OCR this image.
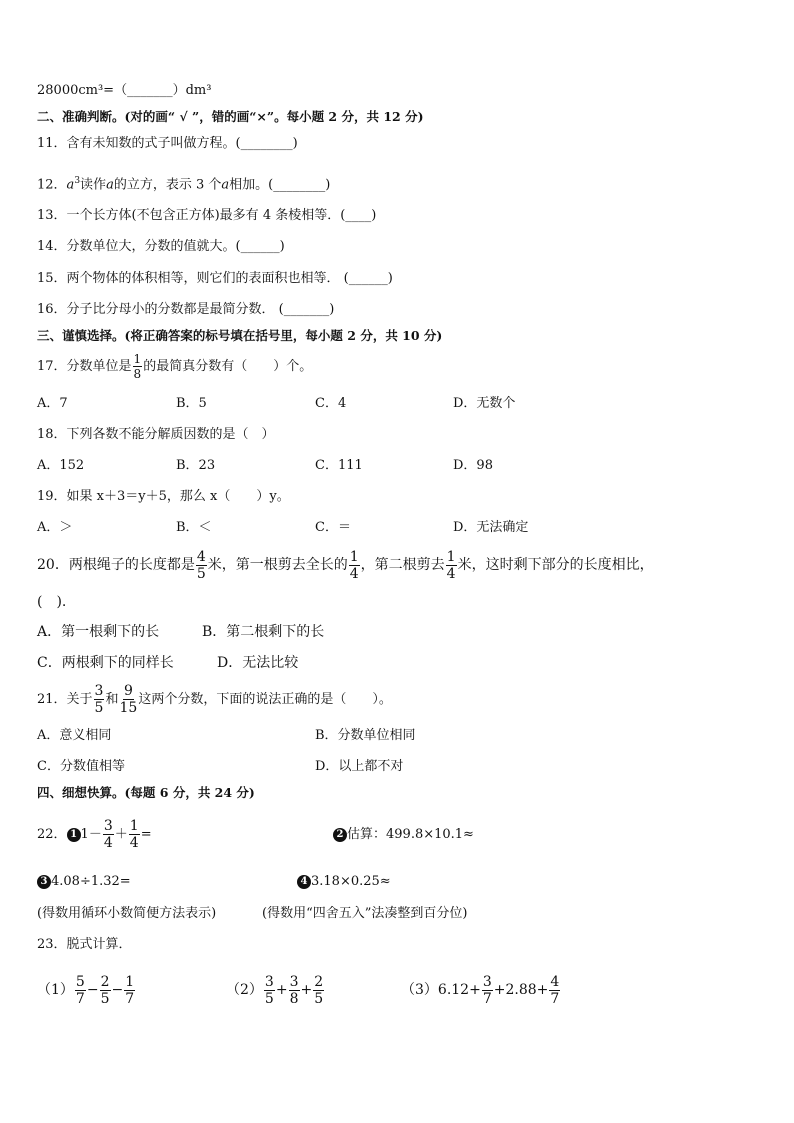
28000cm³=（_______）dm³
二、准确判断。(对的画“ √ ”，错的画“×”。每小题 2 分，共 12 分)
11．含有未知数的式子叫做方程。(________)
12．$a^3$读作a的立方，表示 3 个a相加。(________)
13．一个长方体(不包含正方体)最多有 4 条棱相等．(____)
14．分数单位大，分数的值就大。(______)
15．两个物体的体积相等，则它们的表面积也相等． (______)
16．分子比分母小的分数都是最简分数． (_______)
三、谨慎选择。(将正确答案的标号填在括号里，每小题 2 分，共 10 分)
17．分数单位是 $\frac{1}{8}$ 的最简真分数有（　　）个。
A．7	B．5	C．4	D．无数个
18．下列各数不能分解质因数的是（　）
A．152	B．23	C．111	D．98
19．如果 x＋3＝y＋5，那么 x（　　）y。
A．＞	B．＜	C．＝	D．无法确定
20．两根绳子的长度都是 $\frac{4}{5}$ 米，第一根剪去全长的 $\frac{1}{4}$ ，第二根剪去 $\frac{1}{4}$ 米，这时剩下部分的长度相比，
(　).
A．第一根剩下的长	B．第二根剩下的长
C．两根剩下的同样长	D．无法比较
21．关于 $\frac{3}{5}$ 和 $\frac{9}{15}$ 这两个分数，下面的说法正确的是（　　）。
A．意义相同	B．分数单位相同
C．分数值相等	D．以上都不对
四、细想快算。(每题 6 分，共 24 分)
22． 1 $1- \frac{3}{4} + \frac{1}{4}$ =	2 估算：499.8×10.1≈
3 4.08÷1.32=	4 3.18×0.25≈
(得数用循环小数简便方法表示)	(得数用“四舍五入”法凑整到百分位)
23．脱式计算．
$(1) \frac{5}{7} - \frac{2}{5} - \frac{1}{7}$	$(2) \frac{3}{5} + \frac{3}{8} + \frac{2}{5}$	$(3)6.12+ \frac{3}{7} +2.88+ \frac{4}{7}$
